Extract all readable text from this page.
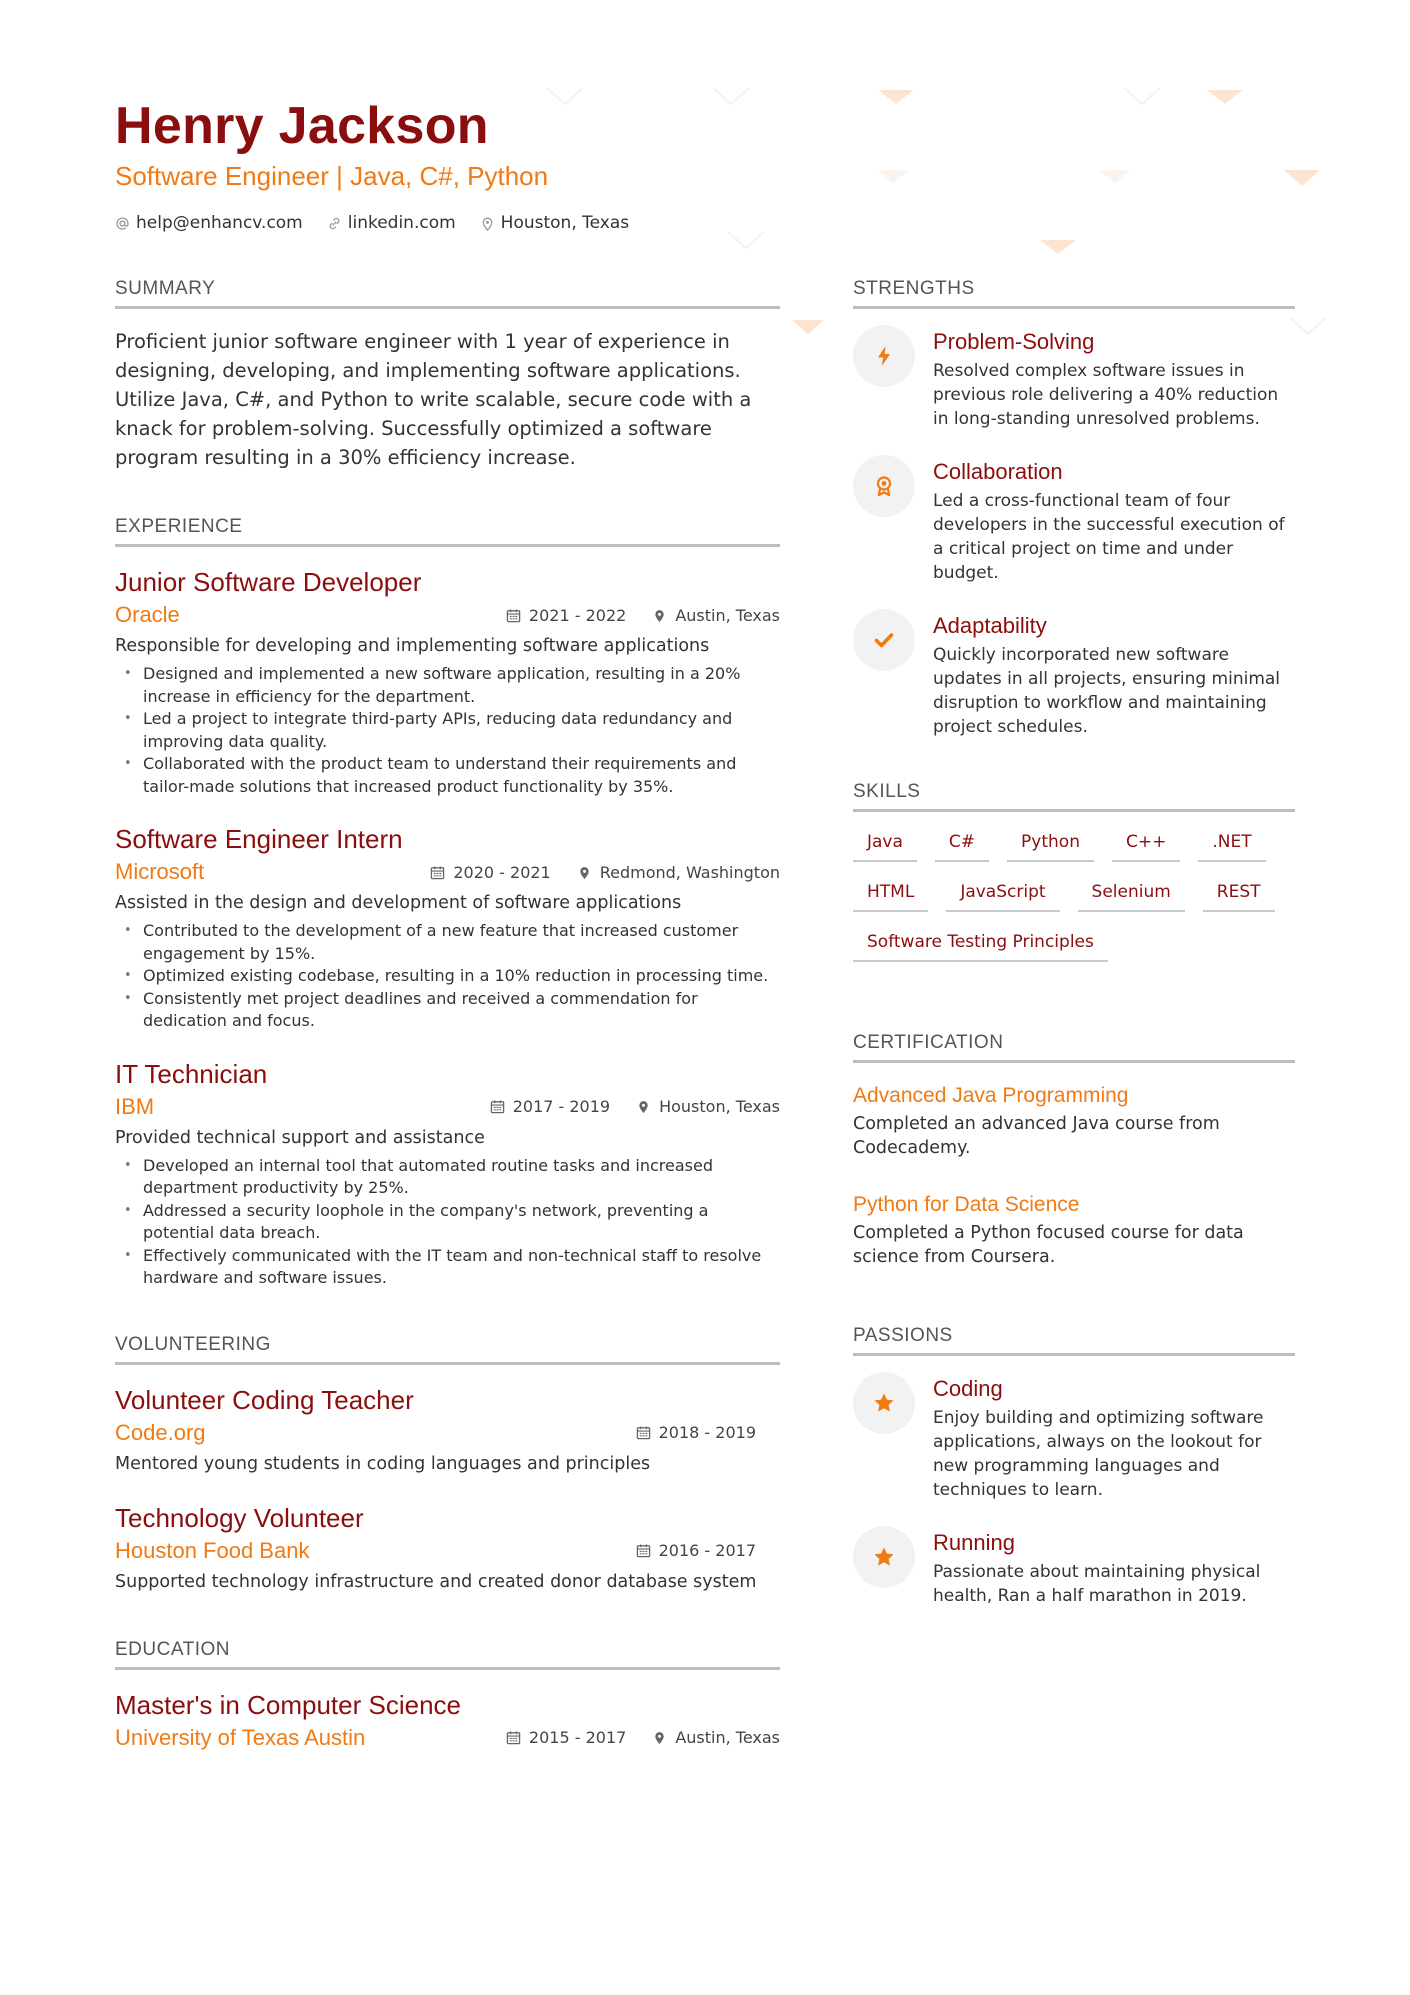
Henry Jackson
Software Engineer | Java, C#, Python
help@enhancv.com	linkedin.com	Houston, Texas
SUMMARY

Proficient junior software engineer with 1 year of experience in designing, developing, and implementing software applications. Utilize Java, C#, and Python to write scalable, secure code with a knack for problem-solving. Successfully optimized a software program resulting in a 30% efficiency increase.

EXPERIENCE
Junior Software Developer
Oracle	2021 - 2022	Austin, Texas
Responsible for developing and implementing software applications
• Designed and implemented a new software application, resulting in a 20% increase in efficiency for the department.
• Led a project to integrate third-party APIs, reducing data redundancy and improving data quality.
• Collaborated with the product team to understand their requirements and tailor-made solutions that increased product functionality by 35%.
Software Engineer Intern
Microsoft	2020 - 2021	Redmond, Washington
Assisted in the design and development of software applications
• Contributed to the development of a new feature that increased customer engagement by 15%.
• Optimized existing codebase, resulting in a 10% reduction in processing time.
• Consistently met project deadlines and received a commendation for dedication and focus.
IT Technician
IBM	2017 - 2019	Houston, Texas
Provided technical support and assistance
• Developed an internal tool that automated routine tasks and increased department productivity by 25%.
• Addressed a security loophole in the company's network, preventing a potential data breach.
• Effectively communicated with the IT team and non-technical staff to resolve hardware and software issues.
VOLUNTEERING
Volunteer Coding Teacher
Code.org	2018 - 2019
Mentored young students in coding languages and principles
Technology Volunteer
Houston Food Bank	2016 - 2017
Supported technology infrastructure and created donor database system
EDUCATION
Master's in Computer Science
University of Texas Austin	2015 - 2017	Austin, Texas
STRENGTHS
Problem-Solving
Resolved complex software issues in previous role delivering a 40% reduction in long-standing unresolved problems.
Collaboration
Led a cross-functional team of four developers in the successful execution of a critical project on time and under budget.
Adaptability
Quickly incorporated new software updates in all projects, ensuring minimal disruption to workflow and maintaining project schedules.
SKILLS
Java	C#	Python	C++	.NET
HTML	JavaScript	Selenium	REST
Software Testing Principles
CERTIFICATION
Advanced Java Programming
Completed an advanced Java course from Codecademy.
Python for Data Science
Completed a Python focused course for data science from Coursera.
PASSIONS
Coding
Enjoy building and optimizing software applications, always on the lookout for new programming languages and techniques to learn.
Running
Passionate about maintaining physical health, Ran a half marathon in 2019.
